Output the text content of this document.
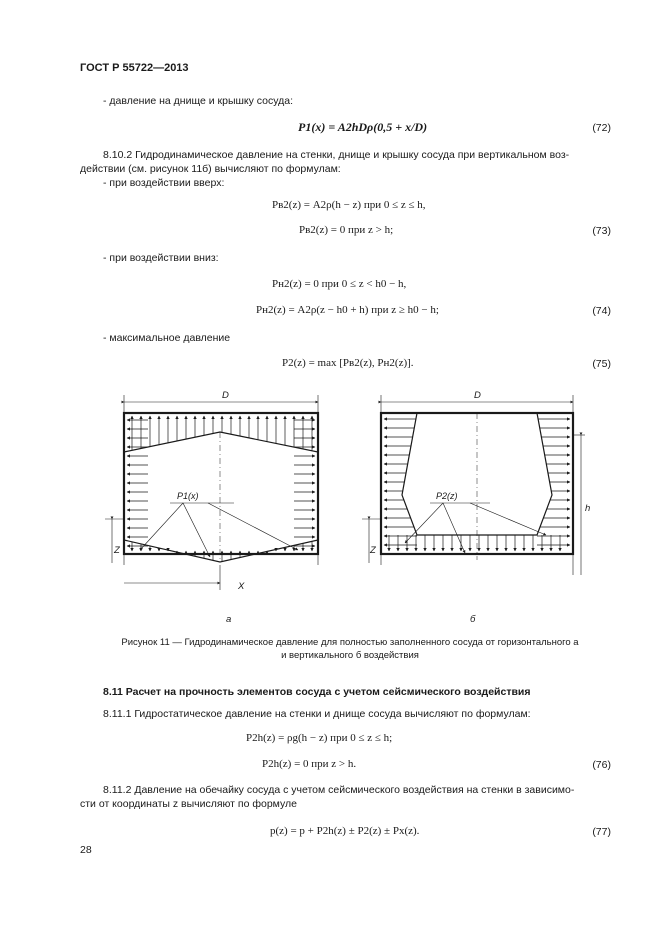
ГОСТ Р 55722—2013
- давление на днище и крышку сосуда:
P1(x) = A2hDρ(0,5 + x/D)	(72)
8.10.2 Гидродинамическое давление на стенки, днище и крышку сосуда при вертикальном воз-
действии (см. рисунок 11б) вычисляют по формулам:
- при воздействии вверх:
Pв2(z) = A2ρ(h − z) при 0 ≤ z ≤ h,
Pв2(z) = 0 при z > h;	(73)
- при воздействии вниз:
Pн2(z) = 0 при 0 ≤ z < h0 − h,
Pн2(z) = A2ρ(z − h0 + h) при z ≥ h0 − h;	(74)
- максимальное давление
P2(z) = max [Pв2(z), Pн2(z)].	(75)
D
P1(x)
Z
X
а
D
P2(z)
Z
h
б
Рисунок 11 — Гидродинамическое давление для полностью заполненного сосуда от горизонтального а
и вертикального б воздействия
8.11 Расчет на прочность элементов сосуда с учетом сейсмического воздействия
8.11.1 Гидростатическое давление на стенки и днище сосуда вычисляют по формулам:
P2h(z) = ρg(h − z) при 0 ≤ z ≤ h;
P2h(z) = 0 при z > h.	(76)
8.11.2 Давление на обечайку сосуда с учетом сейсмического воздействия на стенки в зависимо-
сти от координаты z вычисляют по формуле
p(z) = p + P2h(z) ± P2(z) ± Px(z).	(77)
28
